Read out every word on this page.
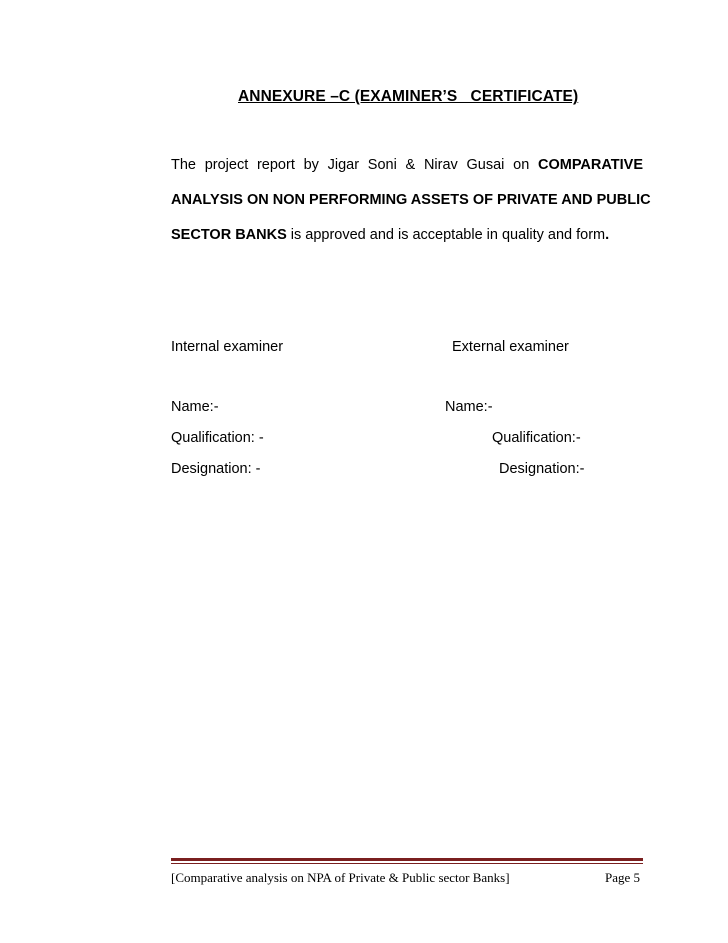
ANNEXURE –C (EXAMINER’S   CERTIFICATE)
The project report by Jigar Soni & Nirav Gusai on COMPARATIVE
ANALYSIS ON NON PERFORMING ASSETS OF PRIVATE AND PUBLIC
SECTOR BANKS is approved and is acceptable in quality and form.
Internal examiner	External examiner
Name:-	Name:-
Qualification: -	Qualification:-
Designation: -	Designation:-
[Comparative analysis on NPA of Private & Public sector Banks]	Page 5
